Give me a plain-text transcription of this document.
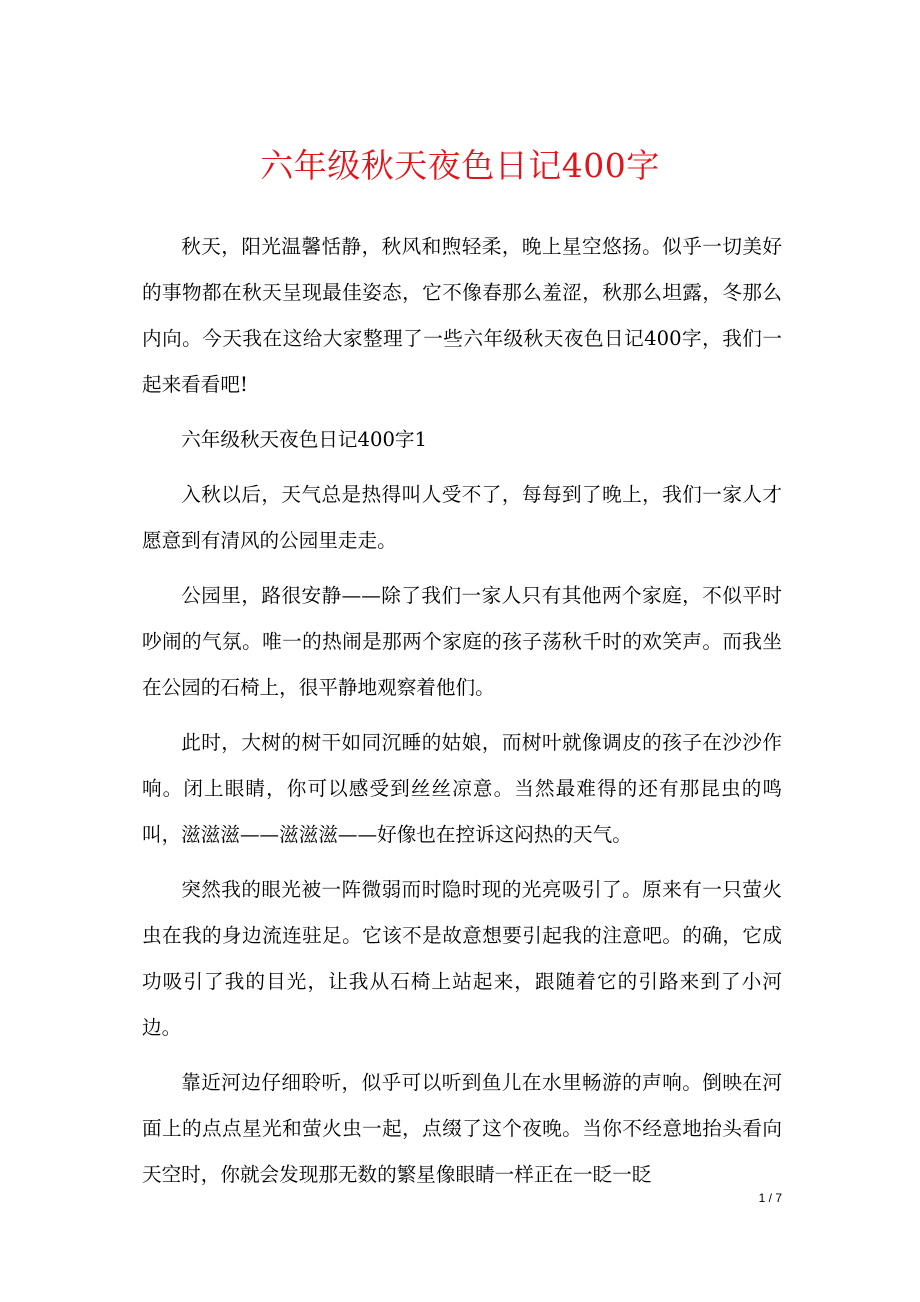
六年级秋天夜色日记400字

秋天，阳光温馨恬静，秋风和煦轻柔，晚上星空悠扬。似乎一切美好的事物都在秋天呈现最佳姿态，它不像春那么羞涩，秋那么坦露，冬那么内向。今天我在这给大家整理了一些六年级秋天夜色日记400字，我们一起来看看吧!

六年级秋天夜色日记400字1

入秋以后，天气总是热得叫人受不了，每每到了晚上，我们一家人才愿意到有清风的公园里走走。

公园里，路很安静——除了我们一家人只有其他两个家庭，不似平时吵闹的气氛。唯一的热闹是那两个家庭的孩子荡秋千时的欢笑声。而我坐在公园的石椅上，很平静地观察着他们。

此时，大树的树干如同沉睡的姑娘，而树叶就像调皮的孩子在沙沙作响。闭上眼睛，你可以感受到丝丝凉意。当然最难得的还有那昆虫的鸣叫，滋滋滋——滋滋滋——好像也在控诉这闷热的天气。

突然我的眼光被一阵微弱而时隐时现的光亮吸引了。原来有一只萤火虫在我的身边流连驻足。它该不是故意想要引起我的注意吧。的确，它成功吸引了我的目光，让我从石椅上站起来，跟随着它的引路来到了小河边。

靠近河边仔细聆听，似乎可以听到鱼儿在水里畅游的声响。倒映在河面上的点点星光和萤火虫一起，点缀了这个夜晚。当你不经意地抬头看向天空时，你就会发现那无数的繁星像眼睛一样正在一眨一眨

1 / 7
